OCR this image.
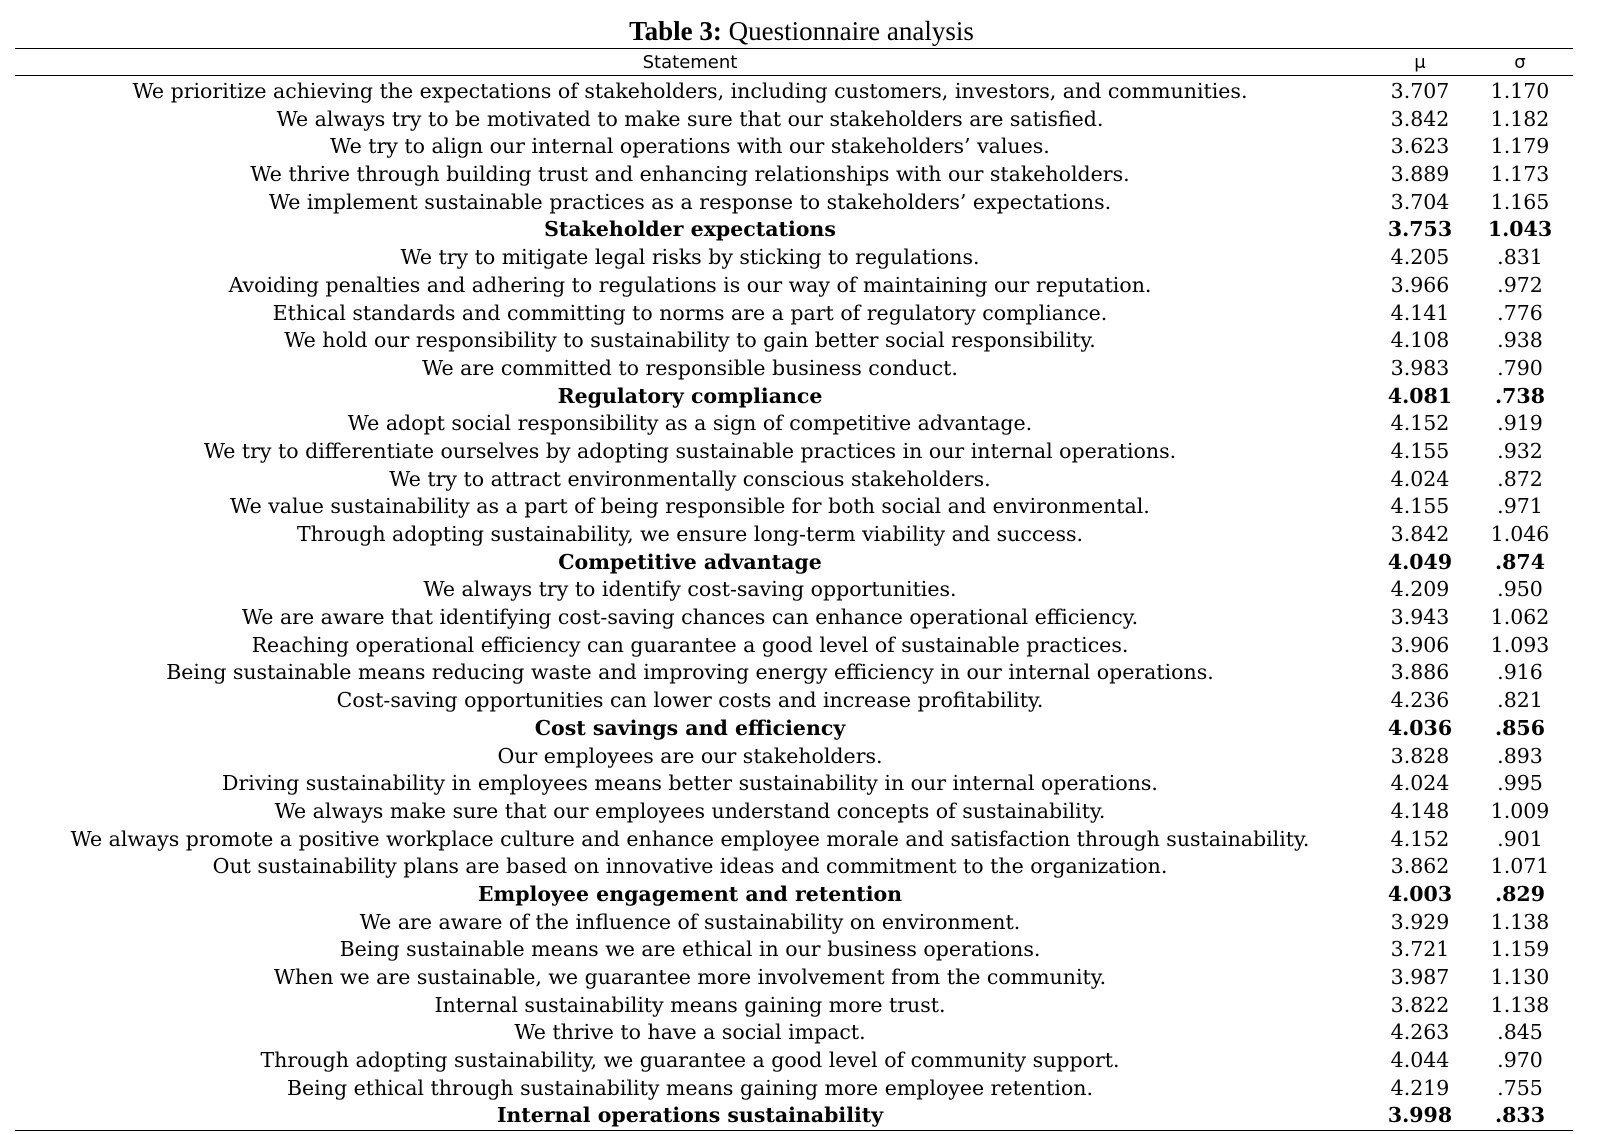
Table 3: Questionnaire analysis
Statement	μ	σ
We prioritize achieving the expectations of stakeholders, including customers, investors, and communities.	3.707	1.170
We always try to be motivated to make sure that our stakeholders are satisfied.	3.842	1.182
We try to align our internal operations with our stakeholders’ values.	3.623	1.179
We thrive through building trust and enhancing relationships with our stakeholders.	3.889	1.173
We implement sustainable practices as a response to stakeholders’ expectations.	3.704	1.165
Stakeholder expectations	3.753	1.043
We try to mitigate legal risks by sticking to regulations.	4.205	.831
Avoiding penalties and adhering to regulations is our way of maintaining our reputation.	3.966	.972
Ethical standards and committing to norms are a part of regulatory compliance.	4.141	.776
We hold our responsibility to sustainability to gain better social responsibility.	4.108	.938
We are committed to responsible business conduct.	3.983	.790
Regulatory compliance	4.081	.738
We adopt social responsibility as a sign of competitive advantage.	4.152	.919
We try to differentiate ourselves by adopting sustainable practices in our internal operations.	4.155	.932
We try to attract environmentally conscious stakeholders.	4.024	.872
We value sustainability as a part of being responsible for both social and environmental.	4.155	.971
Through adopting sustainability, we ensure long-term viability and success.	3.842	1.046
Competitive advantage	4.049	.874
We always try to identify cost-saving opportunities.	4.209	.950
We are aware that identifying cost-saving chances can enhance operational efficiency.	3.943	1.062
Reaching operational efficiency can guarantee a good level of sustainable practices.	3.906	1.093
Being sustainable means reducing waste and improving energy efficiency in our internal operations.	3.886	.916
Cost-saving opportunities can lower costs and increase profitability.	4.236	.821
Cost savings and efficiency	4.036	.856
Our employees are our stakeholders.	3.828	.893
Driving sustainability in employees means better sustainability in our internal operations.	4.024	.995
We always make sure that our employees understand concepts of sustainability.	4.148	1.009
We always promote a positive workplace culture and enhance employee morale and satisfaction through sustainability.	4.152	.901
Out sustainability plans are based on innovative ideas and commitment to the organization.	3.862	1.071
Employee engagement and retention	4.003	.829
We are aware of the influence of sustainability on environment.	3.929	1.138
Being sustainable means we are ethical in our business operations.	3.721	1.159
When we are sustainable, we guarantee more involvement from the community.	3.987	1.130
Internal sustainability means gaining more trust.	3.822	1.138
We thrive to have a social impact.	4.263	.845
Through adopting sustainability, we guarantee a good level of community support.	4.044	.970
Being ethical through sustainability means gaining more employee retention.	4.219	.755
Internal operations sustainability	3.998	.833
